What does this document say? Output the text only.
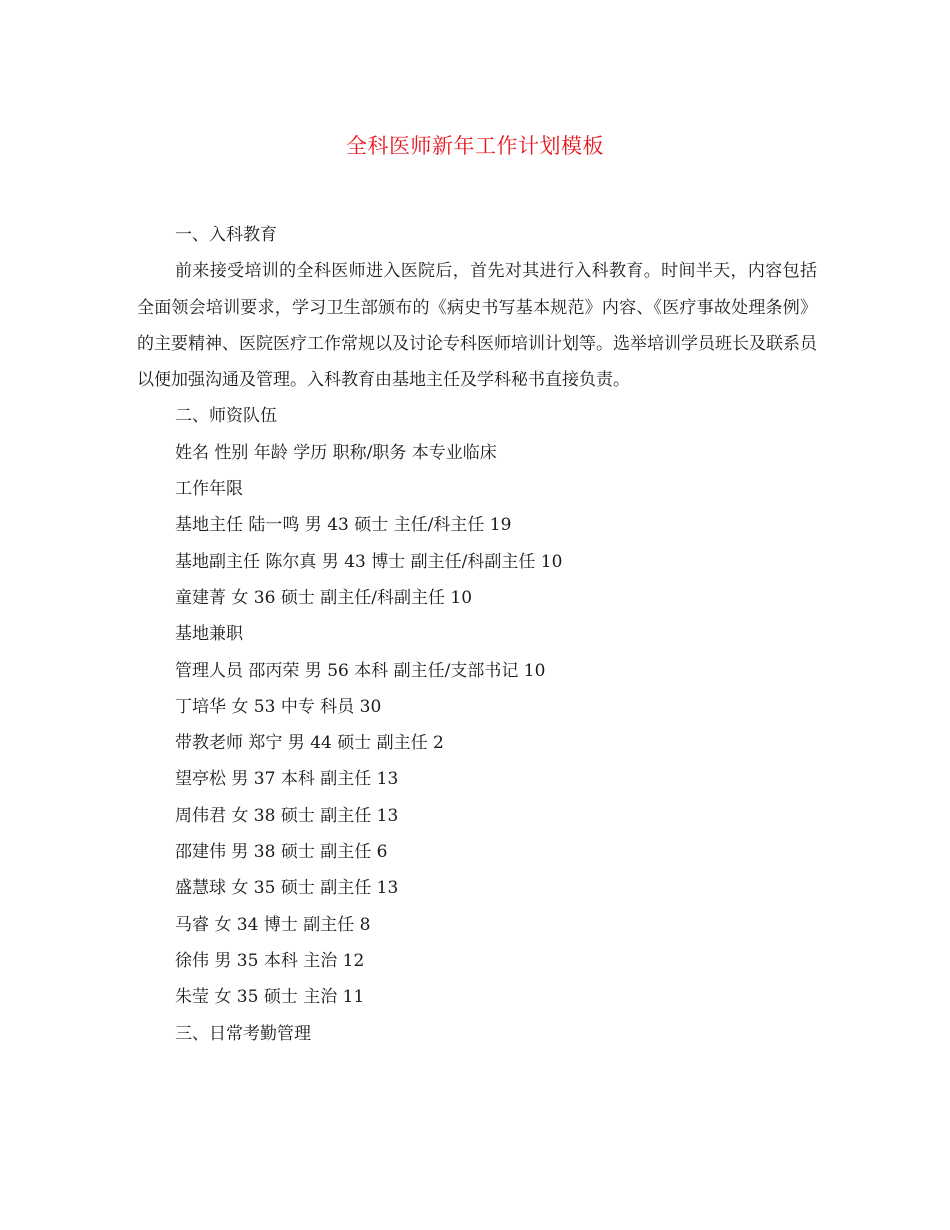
全科医师新年工作计划模板
一、入科教育

前来接受培训的全科医师进入医院后，首先对其进行入科教育。时间半天，内容包括全面领会培训要求，学习卫生部颁布的《病史书写基本规范》内容、《医疗事故处理条例》的主要精神、医院医疗工作常规以及讨论专科医师培训计划等。选举培训学员班长及联系员以便加强沟通及管理。入科教育由基地主任及学科秘书直接负责。

二、师资队伍
姓名 性别 年龄 学历 职称/职务 本专业临床
工作年限
基地主任 陆一鸣 男 43 硕士 主任/科主任 19
基地副主任 陈尔真 男 43 博士 副主任/科副主任 10
童建菁 女 36 硕士 副主任/科副主任 10
基地兼职
管理人员 邵丙荣 男 56 本科 副主任/支部书记 10
丁培华 女 53 中专 科员 30
带教老师 郑宁 男 44 硕士 副主任 2
望亭松 男 37 本科 副主任 13
周伟君 女 38 硕士 副主任 13
邵建伟 男 38 硕士 副主任 6
盛慧球 女 35 硕士 副主任 13
马睿 女 34 博士 副主任 8
徐伟 男 35 本科 主治 12
朱莹 女 35 硕士 主治 11
三、日常考勤管理
